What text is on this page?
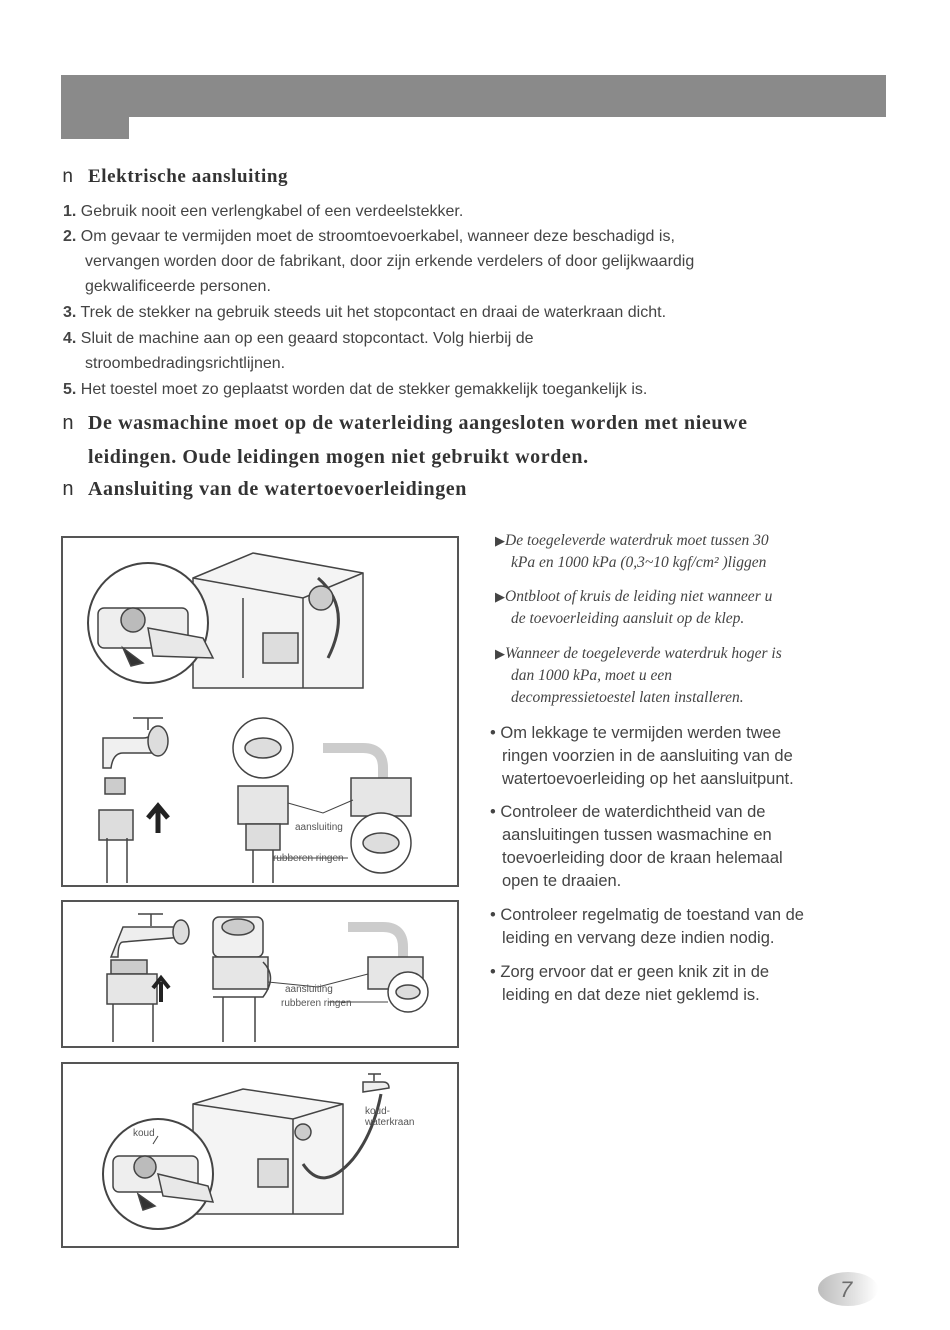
n Elektrische aansluiting
1. Gebruik nooit een verlengkabel of een verdeelstekker.
2. Om gevaar te vermijden moet de stroomtoevoerkabel, wanneer deze beschadigd is,
vervangen worden door de fabrikant, door zijn erkende verdelers of door gelijkwaardig
gekwalificeerde personen.
3. Trek de stekker na gebruik steeds uit het stopcontact en draai de waterkraan dicht.
4. Sluit de machine aan op een geaard stopcontact. Volg hierbij de
stroombedradingsrichtlijnen.
5. Het toestel moet zo geplaatst worden dat de stekker gemakkelijk toegankelijk is.
n De wasmachine moet op de waterleiding aangesloten worden met nieuwe
leidingen. Oude leidingen mogen niet gebruikt worden.
n Aansluiting van de watertoevoerleidingen
aansluiting
rubberen ringen
aansluiting
rubberen ringen
koud
koud-
waterkraan
▶De toegeleverde waterdruk moet tussen 30
kPa en 1000 kPa (0,3~10 kgf/cm² )liggen
▶Ontbloot of kruis de leiding niet wanneer u
de toevoerleiding aansluit op de klep.
▶Wanneer de toegeleverde waterdruk hoger is
dan 1000 kPa, moet u een
decompressietoestel laten installeren.
• Om lekkage te vermijden werden twee
ringen voorzien in de aansluiting van de
watertoevoerleiding op het aansluitpunt.
• Controleer de waterdichtheid van de
aansluitingen tussen wasmachine en
toevoerleiding door de kraan helemaal
open te draaien.
• Controleer regelmatig de toestand van de
leiding en vervang deze indien nodig.
• Zorg ervoor dat er geen knik zit in de
leiding en dat deze niet geklemd is.
7
